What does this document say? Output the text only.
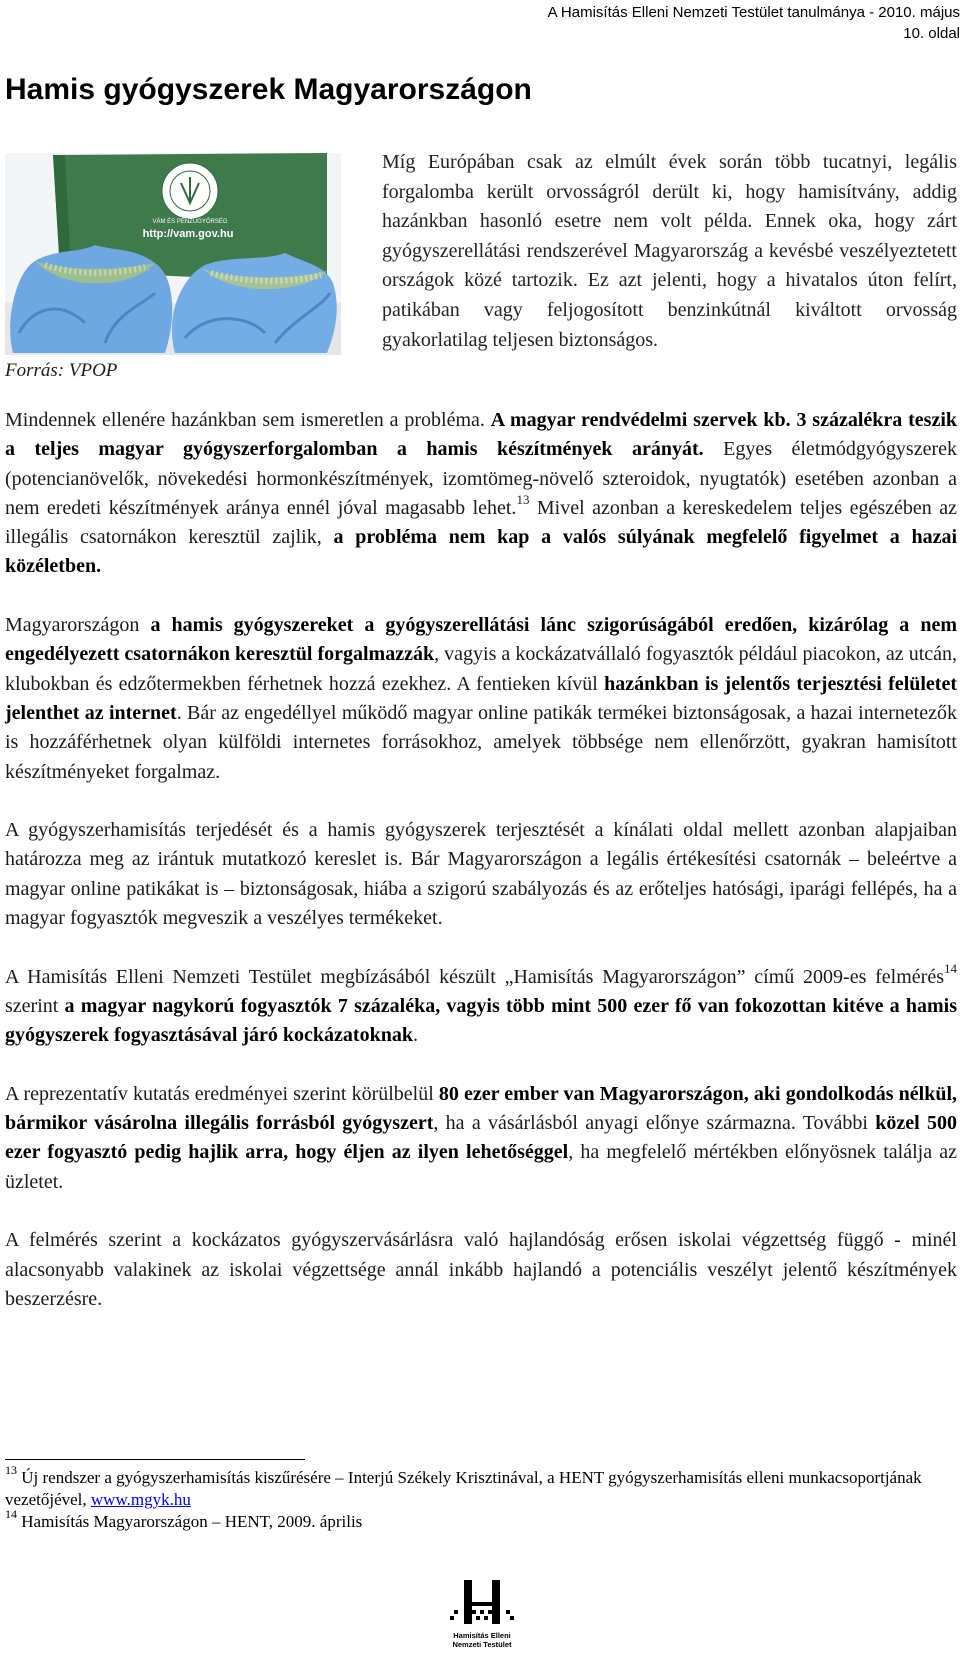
A Hamisítás Elleni Nemzeti Testület tanulmánya - 2010. május
10. oldal
Hamis gyógyszerek Magyarországon
VÁM ÉS PÉNZÜGYŐRSÉG
http://vam.gov.hu
Forrás: VPOP

Míg Európában csak az elmúlt évek során több tucatnyi, legális forgalomba került orvosságról derült ki, hogy hamisítvány, addig hazánkban hasonló esetre nem volt példa. Ennek oka, hogy zárt gyógyszerellátási rendszerével Magyarország a kevésbé veszélyeztetett országok közé tartozik. Ez azt jelenti, hogy a hivatalos úton felírt, patikában vagy feljogosított benzinkútnál kiváltott orvosság gyakorlatilag teljesen biztonságos.

Mindennek ellenére hazánkban sem ismeretlen a probléma. A magyar rendvédelmi szervek kb. 3 százalékra teszik a teljes magyar gyógyszerforgalomban a hamis készítmények arányát. Egyes életmódgyógyszerek (potencianövelők, növekedési hormonkészítmények, izomtömeg-növelő szteroidok, nyugtatók) esetében azonban a nem eredeti készítmények aránya ennél jóval magasabb lehet.$^{13}$ Mivel azonban a kereskedelem teljes egészében az illegális csatornákon keresztül zajlik, a probléma nem kap a valós súlyának megfelelő figyelmet a hazai közéletben.

Magyarországon a hamis gyógyszereket a gyógyszerellátási lánc szigorúságából eredően, kizárólag a nem engedélyezett csatornákon keresztül forgalmazzák, vagyis a kockázatvállaló fogyasztók például piacokon, az utcán, klubokban és edzőtermekben férhetnek hozzá ezekhez. A fentieken kívül hazánkban is jelentős terjesztési felületet jelenthet az internet. Bár az engedéllyel működő magyar online patikák termékei biztonságosak, a hazai internetezők is hozzáférhetnek olyan külföldi internetes forrásokhoz, amelyek többsége nem ellenőrzött, gyakran hamisított készítményeket forgalmaz.

A gyógyszerhamisítás terjedését és a hamis gyógyszerek terjesztését a kínálati oldal mellett azonban alapjaiban határozza meg az irántuk mutatkozó kereslet is. Bár Magyarországon a legális értékesítési csatornák – beleértve a magyar online patikákat is – biztonságosak, hiába a szigorú szabályozás és az erőteljes hatósági, iparági fellépés, ha a magyar fogyasztók megveszik a veszélyes termékeket.

A Hamisítás Elleni Nemzeti Testület megbízásából készült „Hamisítás Magyarországon” című 2009-es felmérés$^{14}$ szerint a magyar nagykorú fogyasztók 7 százaléka, vagyis több mint 500 ezer fő van fokozottan kitéve a hamis gyógyszerek fogyasztásával járó kockázatoknak.

A reprezentatív kutatás eredményei szerint körülbelül 80 ezer ember van Magyarországon, aki gondolkodás nélkül, bármikor vásárolna illegális forrásból gyógyszert, ha a vásárlásból anyagi előnye származna. További közel 500 ezer fogyasztó pedig hajlik arra, hogy éljen az ilyen lehetőséggel, ha megfelelő mértékben előnyösnek találja az üzletet.

A felmérés szerint a kockázatos gyógyszervásárlásra való hajlandóság erősen iskolai végzettség függő - minél alacsonyabb valakinek az iskolai végzettsége annál inkább hajlandó a potenciális veszélyt jelentő készítmények beszerzésre.

$^{13}$ Új rendszer a gyógyszerhamisítás kiszűrésére – Interjú Székely Krisztinával, a HENT gyógyszerhamisítás elleni munkacsoportjának vezetőjével, www.mgyk.hu

$^{14}$ Hamisítás Magyarországon – HENT, 2009. április

Hamisítás Elleni
Nemzeti Testület
